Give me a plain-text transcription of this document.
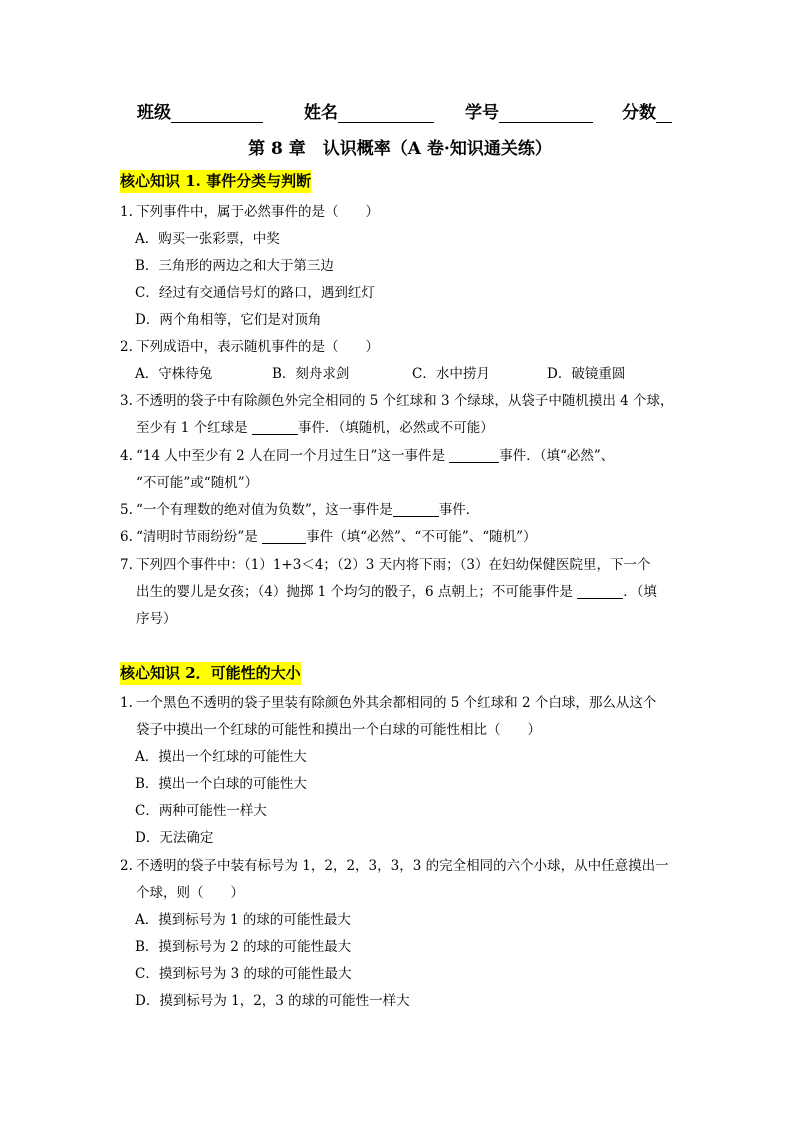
班级	姓名	学号	分数
第 8 章　认识概率（A 卷·知识通关练）
核心知识 1. 事件分类与判断
1. 下列事件中，属于必然事件的是（　　）
A．购买一张彩票，中奖
B．三角形的两边之和大于第三边
C．经过有交通信号灯的路口，遇到红灯
D．两个角相等，它们是对顶角
2. 下列成语中，表示随机事件的是（　　）
A．守株待兔	B．刻舟求剑	C．水中捞月	D．破镜重圆
3. 不透明的袋子中有除颜色外完全相同的 5 个红球和 3 个绿球，从袋子中随机摸出 4 个球，
至少有 1 个红球是	事件．（填随机，必然或不可能）
4. “14 人中至少有 2 人在同一个月过生日”这一事件是	事件．（填“必然”、
“不可能”或“随机”）
5. “一个有理数的绝对值为负数”，这一事件是	事件．
6. “清明时节雨纷纷”是	事件（填“必然”、“不可能”、“随机”）
7. 下列四个事件中：（1）1+3＜4；（2）3 天内将下雨；（3）在妇幼保健医院里，下一个
出生的婴儿是女孩；（4）抛掷 1 个均匀的骰子，6 点朝上；不可能事件是	．（填
序号）
核心知识 2．可能性的大小
1. 一个黑色不透明的袋子里装有除颜色外其余都相同的 5 个红球和 2 个白球，那么从这个
袋子中摸出一个红球的可能性和摸出一个白球的可能性相比（　　）
A．摸出一个红球的可能性大
B．摸出一个白球的可能性大
C．两种可能性一样大
D．无法确定
2. 不透明的袋子中装有标号为 1，2，2，3，3，3 的完全相同的六个小球，从中任意摸出一
个球，则（　　）
A．摸到标号为 1 的球的可能性最大
B．摸到标号为 2 的球的可能性最大
C．摸到标号为 3 的球的可能性最大
D．摸到标号为 1，2，3 的球的可能性一样大
